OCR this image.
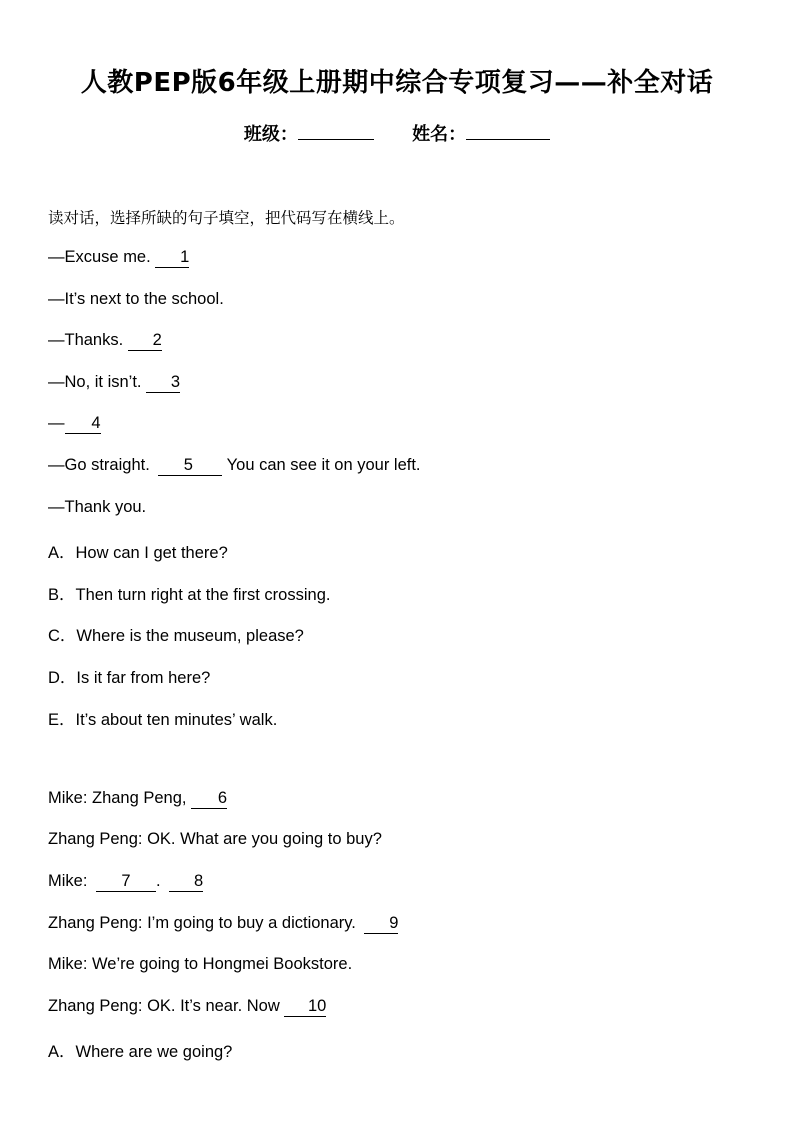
人教PEP版6年级上册期中综合专项复习——补全对话
班级：	姓名：
读对话，选择所缺的句子填空，把代码写在横线上。
—Excuse me. 1
—It’s next to the school.
—Thanks. 2
—No, it isn’t. 3
— 4
—Go straight. 5 You can see it on your left.
—Thank you.
A．How can I get there?
B．Then turn right at the first crossing.
C．Where is the museum, please?
D．Is it far from here?
E．It’s about ten minutes’ walk.
Mike: Zhang Peng, 6
Zhang Peng: OK. What are you going to buy?
Mike: 7 . 8
Zhang Peng: I’m going to buy a dictionary. 9
Mike: We’re going to Hongmei Bookstore.
Zhang Peng: OK. It’s near. Now 10
A．Where are we going?
